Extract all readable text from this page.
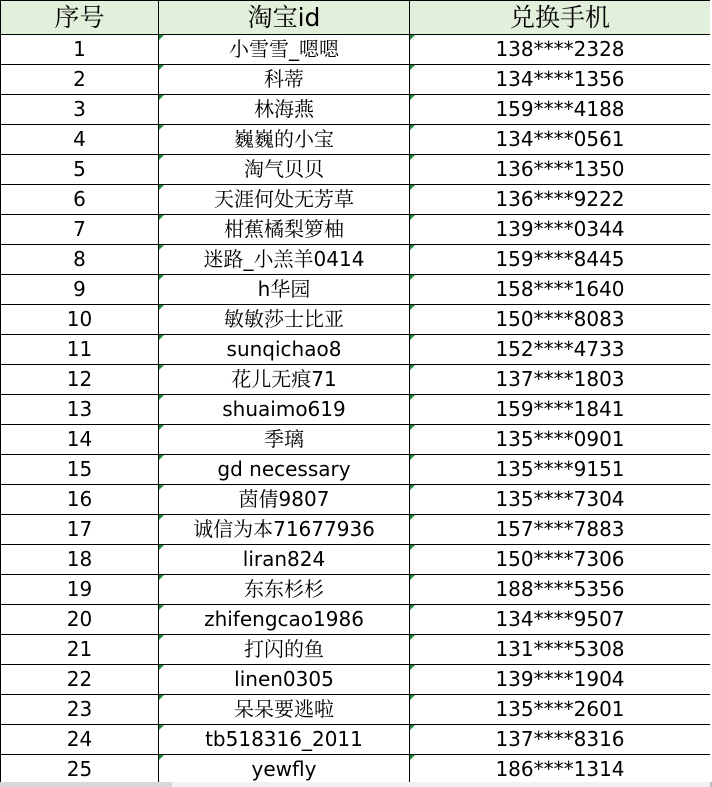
序号	淘宝id	兑换手机
1	小雪雪_嗯嗯	138****2328

2	科蒂	134****1356

3	林海燕	159****4188

4	巍巍的小宝	134****0561

5	淘气贝贝	136****1350

6	天涯何处无芳草	136****9222

7	柑蕉橘梨箩柚	139****0344

8	迷路_小羔羊0414	159****8445

9	h华园	158****1640

10	敏敏莎士比亚	150****8083

11	sunqichao8	152****4733

12	花儿无痕71	137****1803

13	shuaimo619	159****1841

14	季璃	135****0901

15	gd necessary	135****9151

16	茵倩9807	135****7304

17	诚信为本71677936	157****7883

18	liran824	150****7306

19	东东杉杉	188****5356

20	zhifengcao1986	134****9507

21	打闪的鱼	131****5308

22	linen0305	139****1904

23	呆呆要逃啦	135****2601

24	tb518316_2011	137****8316

25	yewfly	186****1314
